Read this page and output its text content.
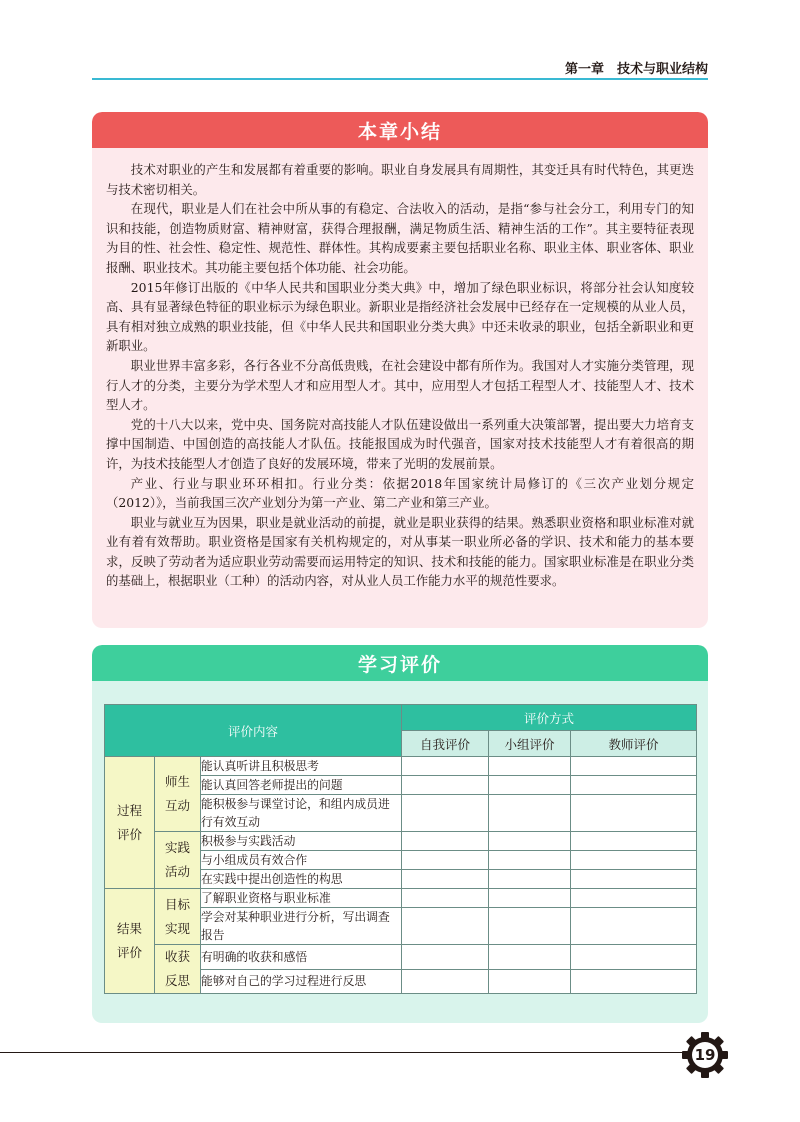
第一章　技术与职业结构
本章小结

技术对职业的产生和发展都有着重要的影响。职业自身发展具有周期性，其变迁具有时代特色，其更迭与技术密切相关。

在现代，职业是人们在社会中所从事的有稳定、合法收入的活动，是指“参与社会分工，利用专门的知识和技能，创造物质财富、精神财富，获得合理报酬，满足物质生活、精神生活的工作”。其主要特征表现为目的性、社会性、稳定性、规范性、群体性。其构成要素主要包括职业名称、职业主体、职业客体、职业报酬、职业技术。其功能主要包括个体功能、社会功能。

2015年修订出版的《中华人民共和国职业分类大典》中，增加了绿色职业标识，将部分社会认知度较高、具有显著绿色特征的职业标示为绿色职业。新职业是指经济社会发展中已经存在一定规模的从业人员，具有相对独立成熟的职业技能，但《中华人民共和国职业分类大典》中还未收录的职业，包括全新职业和更新职业。

职业世界丰富多彩，各行各业不分高低贵贱，在社会建设中都有所作为。我国对人才实施分类管理，现行人才的分类，主要分为学术型人才和应用型人才。其中，应用型人才包括工程型人才、技能型人才、技术型人才。

党的十八大以来，党中央、国务院对高技能人才队伍建设做出一系列重大决策部署，提出要大力培育支撑中国制造、中国创造的高技能人才队伍。技能报国成为时代强音，国家对技术技能型人才有着很高的期许，为技术技能型人才创造了良好的发展环境，带来了光明的发展前景。

产业、行业与职业环环相扣。行业分类：依据2018年国家统计局修订的《三次产业划分规定（2012）》，当前我国三次产业划分为第一产业、第二产业和第三产业。

职业与就业互为因果，职业是就业活动的前提，就业是职业获得的结果。熟悉职业资格和职业标准对就业有着有效帮助。职业资格是国家有关机构规定的，对从事某一职业所必备的学识、技术和能力的基本要求，反映了劳动者为适应职业劳动需要而运用特定的知识、技术和技能的能力。国家职业标准是在职业分类的基础上，根据职业（工种）的活动内容，对从业人员工作能力水平的规范性要求。

学习评价
评价内容			评价方式		
			自我评价	小组评价	教师评价
过程评价	师生互动	能认真听讲且积极思考			
		能认真回答老师提出的问题			
		能积极参与课堂讨论，和组内成员进行有效互动			
	实践活动	积极参与实践活动			
		与小组成员有效合作			
		在实践中提出创造性的构思			
结果评价	目标实现	了解职业资格与职业标准			
		学会对某种职业进行分析，写出调查报告			
	收获反思	有明确的收获和感悟			
		能够对自己的学习过程进行反思			
19
